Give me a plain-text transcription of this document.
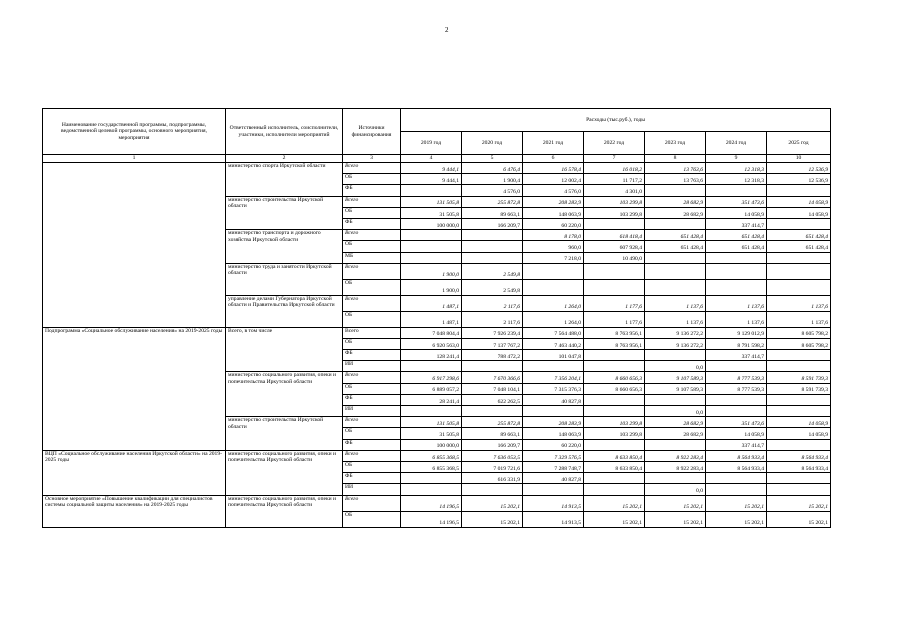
2
Наименование государственной программы, подпрограммы, ведомственной целевой программы, основного мероприятия, мероприятия	Ответственный исполнитель, соисполнители, участники, исполнители мероприятий	Источники финансирования	Расходы (тыс.руб.), годы						
			2019 год	2020 год	2021 год	2022 год	2023 год	2024 год	2025 год
1	2	3	4	5	6	7	8	9	10
	министерство спорта Иркутской области	Всего	9 444,1	6 476,4	16 578,4	16 018,2	13 763,6	12 318,3	12 536,9
		ОБ	9 444,1	1 900,4	12 002,4	11 717,2	13 763,6	12 318,3	12 536,9
		ФБ		4 576,0	4 576,0	4 301,0			
	министерство строительства Иркутской области	Всего	131 505,8	255 872,8	208 283,9	103 299,8	28 682,9	351 473,6	14 058,9
		ОБ	31 505,8	89 663,1	148 063,9	103 299,8	28 682,9	14 058,9	14 058,9
		ФБ	100 000,0	166 209,7	60 220,0			337 414,7	
	министерство транспорта и дорожного хозяйства Иркутской области	Всего			8 178,0	618 418,4	651 428,4	651 428,4	651 428,4
		ОБ			960,0	607 928,4	651 428,4	651 428,4	651 428,4
		МБ			7 218,0	10 490,0			
	министерство труда и занятости Иркутской области	Всего	1 900,0	2 549,8					
		ОБ	1 900,0	2 549,8					
	управление делами Губернатора Иркутской области и Правительства Иркутской области	Всего	1 487,1	2 117,6	1 264,0	1 177,6	1 137,6	1 137,6	1 137,6
		ОБ	1 487,1	2 117,6	1 264,0	1 177,6	1 137,6	1 137,6	1 137,6
Подпрограмма «Социальное обслуживание населения» на 2019-2025 годы	Всего, в том числе	Всего	7 048 804,4	7 926 239,4	7 564 488,0	8 763 956,1	9 136 272,2	9 129 012,9	8 605 798,2
		ОБ	6 920 563,0	7 137 767,2	7 463 440,2	8 763 956,1	9 136 272,2	8 791 598,2	8 605 798,2
		ФБ	128 241,4	788 472,2	101 047,8			337 414,7	
		ИИ					0,0		
	министерство социального развития, опеки и попечительства Иркутской области	Всего	6 917 298,6	7 670 366,6	7 356 204,1	8 660 656,3	9 107 589,3	8 777 539,3	8 591 739,3
		ОБ	6 889 057,2	7 048 104,1	7 315 376,3	8 660 656,3	9 107 589,3	8 777 539,3	8 591 739,3
		ФБ	28 241,4	622 262,5	40 827,8				
		ИИ					0,0		
	министерство строительства Иркутской области	Всего	131 505,8	255 872,8	208 283,9	103 299,8	28 682,9	351 473,6	14 058,9
		ОБ	31 505,8	89 663,1	148 063,9	103 299,8	28 682,9	14 058,9	14 058,9
		ФБ	100 000,0	166 209,7	60 220,0			337 414,7	
ВЦП «Социальное обслуживание населения Иркутской области» на 2019-2025 годы	министерство социального развития, опеки и попечительства Иркутской области	Всего	6 855 368,5	7 636 053,5	7 329 576,5	8 633 850,4	8 922 283,4	8 564 933,4	8 564 933,4
		ОБ	6 855 368,5	7 019 721,6	7 288 748,7	8 633 850,4	8 922 283,4	8 564 933,4	8 564 933,4
		ФБ		616 331,9	40 827,8				
		ИИ					0,0		
Основное мероприятие «Повышение квалификации для специалистов системы социальной защиты населения» на 2019-2025 годы	министерство социального развития, опеки и попечительства Иркутской области	Всего	14 196,5	15 202,1	14 913,5	15 202,1	15 202,1	15 202,1	15 202,1
		ОБ	14 196,5	15 202,1	14 913,5	15 202,1	15 202,1	15 202,1	15 202,1
